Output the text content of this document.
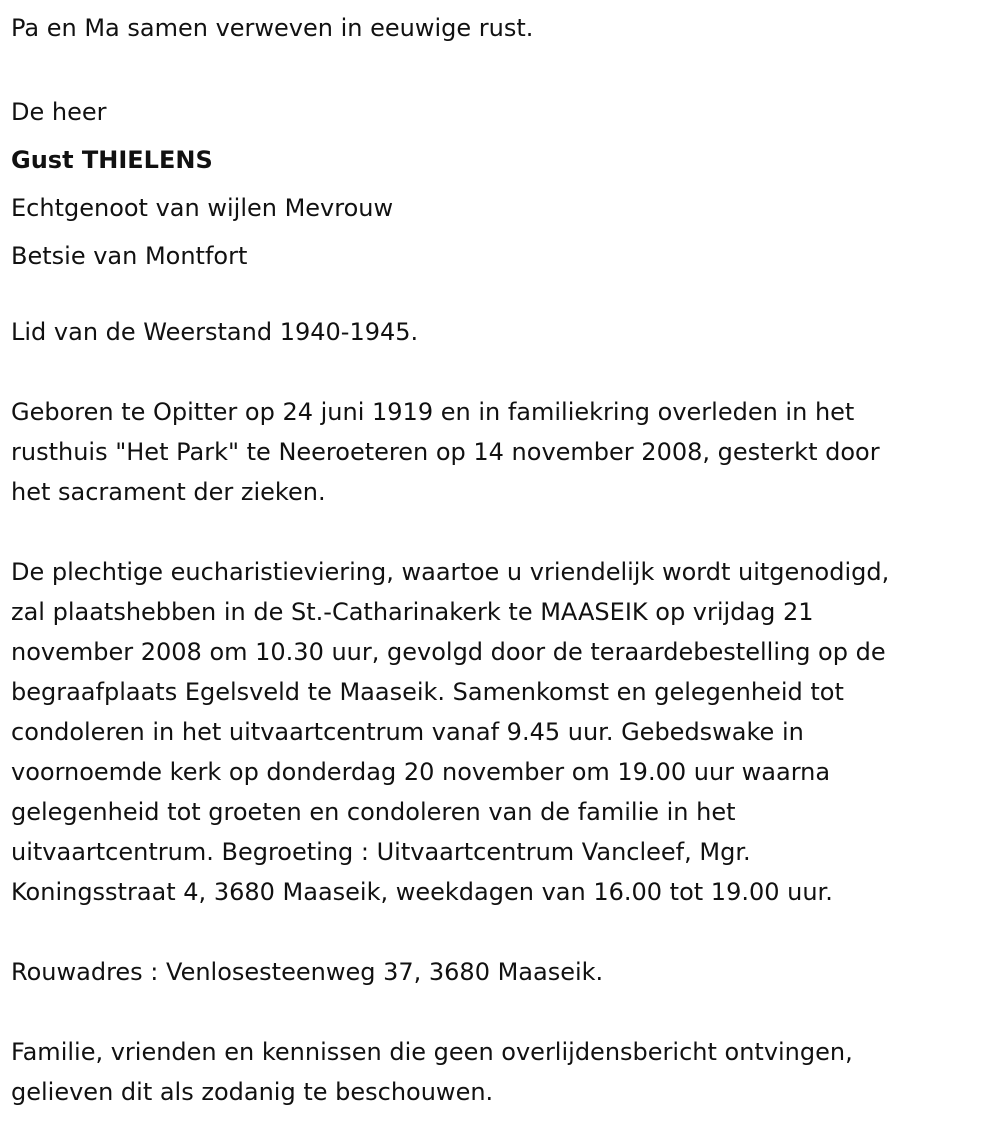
Pa en Ma samen verweven in eeuwige rust.
De heer
Gust THIELENS
Echtgenoot van wijlen Mevrouw
Betsie van Montfort
Lid van de Weerstand 1940-1945.
Geboren te Opitter op 24 juni 1919 en in familiekring overleden in het
rusthuis "Het Park" te Neeroeteren op 14 november 2008, gesterkt door
het sacrament der zieken.
De plechtige eucharistieviering, waartoe u vriendelijk wordt uitgenodigd,
zal plaatshebben in de St.-Catharinakerk te MAASEIK op vrijdag 21
november 2008 om 10.30 uur, gevolgd door de teraardebestelling op de
begraafplaats Egelsveld te Maaseik. Samenkomst en gelegenheid tot
condoleren in het uitvaartcentrum vanaf 9.45 uur. Gebedswake in
voornoemde kerk op donderdag 20 november om 19.00 uur waarna
gelegenheid tot groeten en condoleren van de familie in het
uitvaartcentrum. Begroeting : Uitvaartcentrum Vancleef, Mgr.
Koningsstraat 4, 3680 Maaseik, weekdagen van 16.00 tot 19.00 uur.
Rouwadres : Venlosesteenweg 37, 3680 Maaseik.
Familie, vrienden en kennissen die geen overlijdensbericht ontvingen,
gelieven dit als zodanig te beschouwen.
